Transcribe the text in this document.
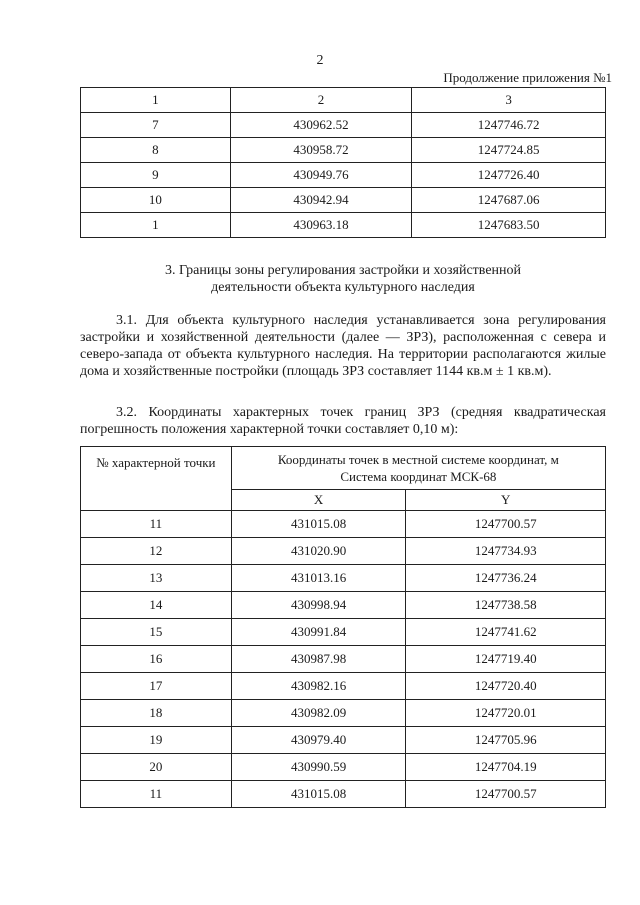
2
Продолжение приложения №1
1	2	3
7	430962.52	1247746.72
8	430958.72	1247724.85
9	430949.76	1247726.40
10	430942.94	1247687.06
1	430963.18	1247683.50
3. Границы зоны регулирования застройки и хозяйственной
деятельности объекта культурного наследия

3.1. Для объекта культурного наследия устанавливается зона регулирования застройки и хозяйственной деятельности (далее — ЗРЗ), расположенная с севера и северо-запада от объекта культурного наследия. На территории располагаются жилые дома и хозяйственные постройки (площадь ЗРЗ составляет 1144 кв.м ± 1 кв.м).

3.2. Координаты характерных точек границ ЗРЗ (средняя квадратическая погрешность положения характерной точки составляет 0,10 м):

№ характерной точки	Координаты точек в местной системе координат, м
Система координат МСК-68	

	X	Y
11	431015.08	1247700.57
12	431020.90	1247734.93
13	431013.16	1247736.24
14	430998.94	1247738.58
15	430991.84	1247741.62
16	430987.98	1247719.40
17	430982.16	1247720.40
18	430982.09	1247720.01
19	430979.40	1247705.96
20	430990.59	1247704.19
11	431015.08	1247700.57
